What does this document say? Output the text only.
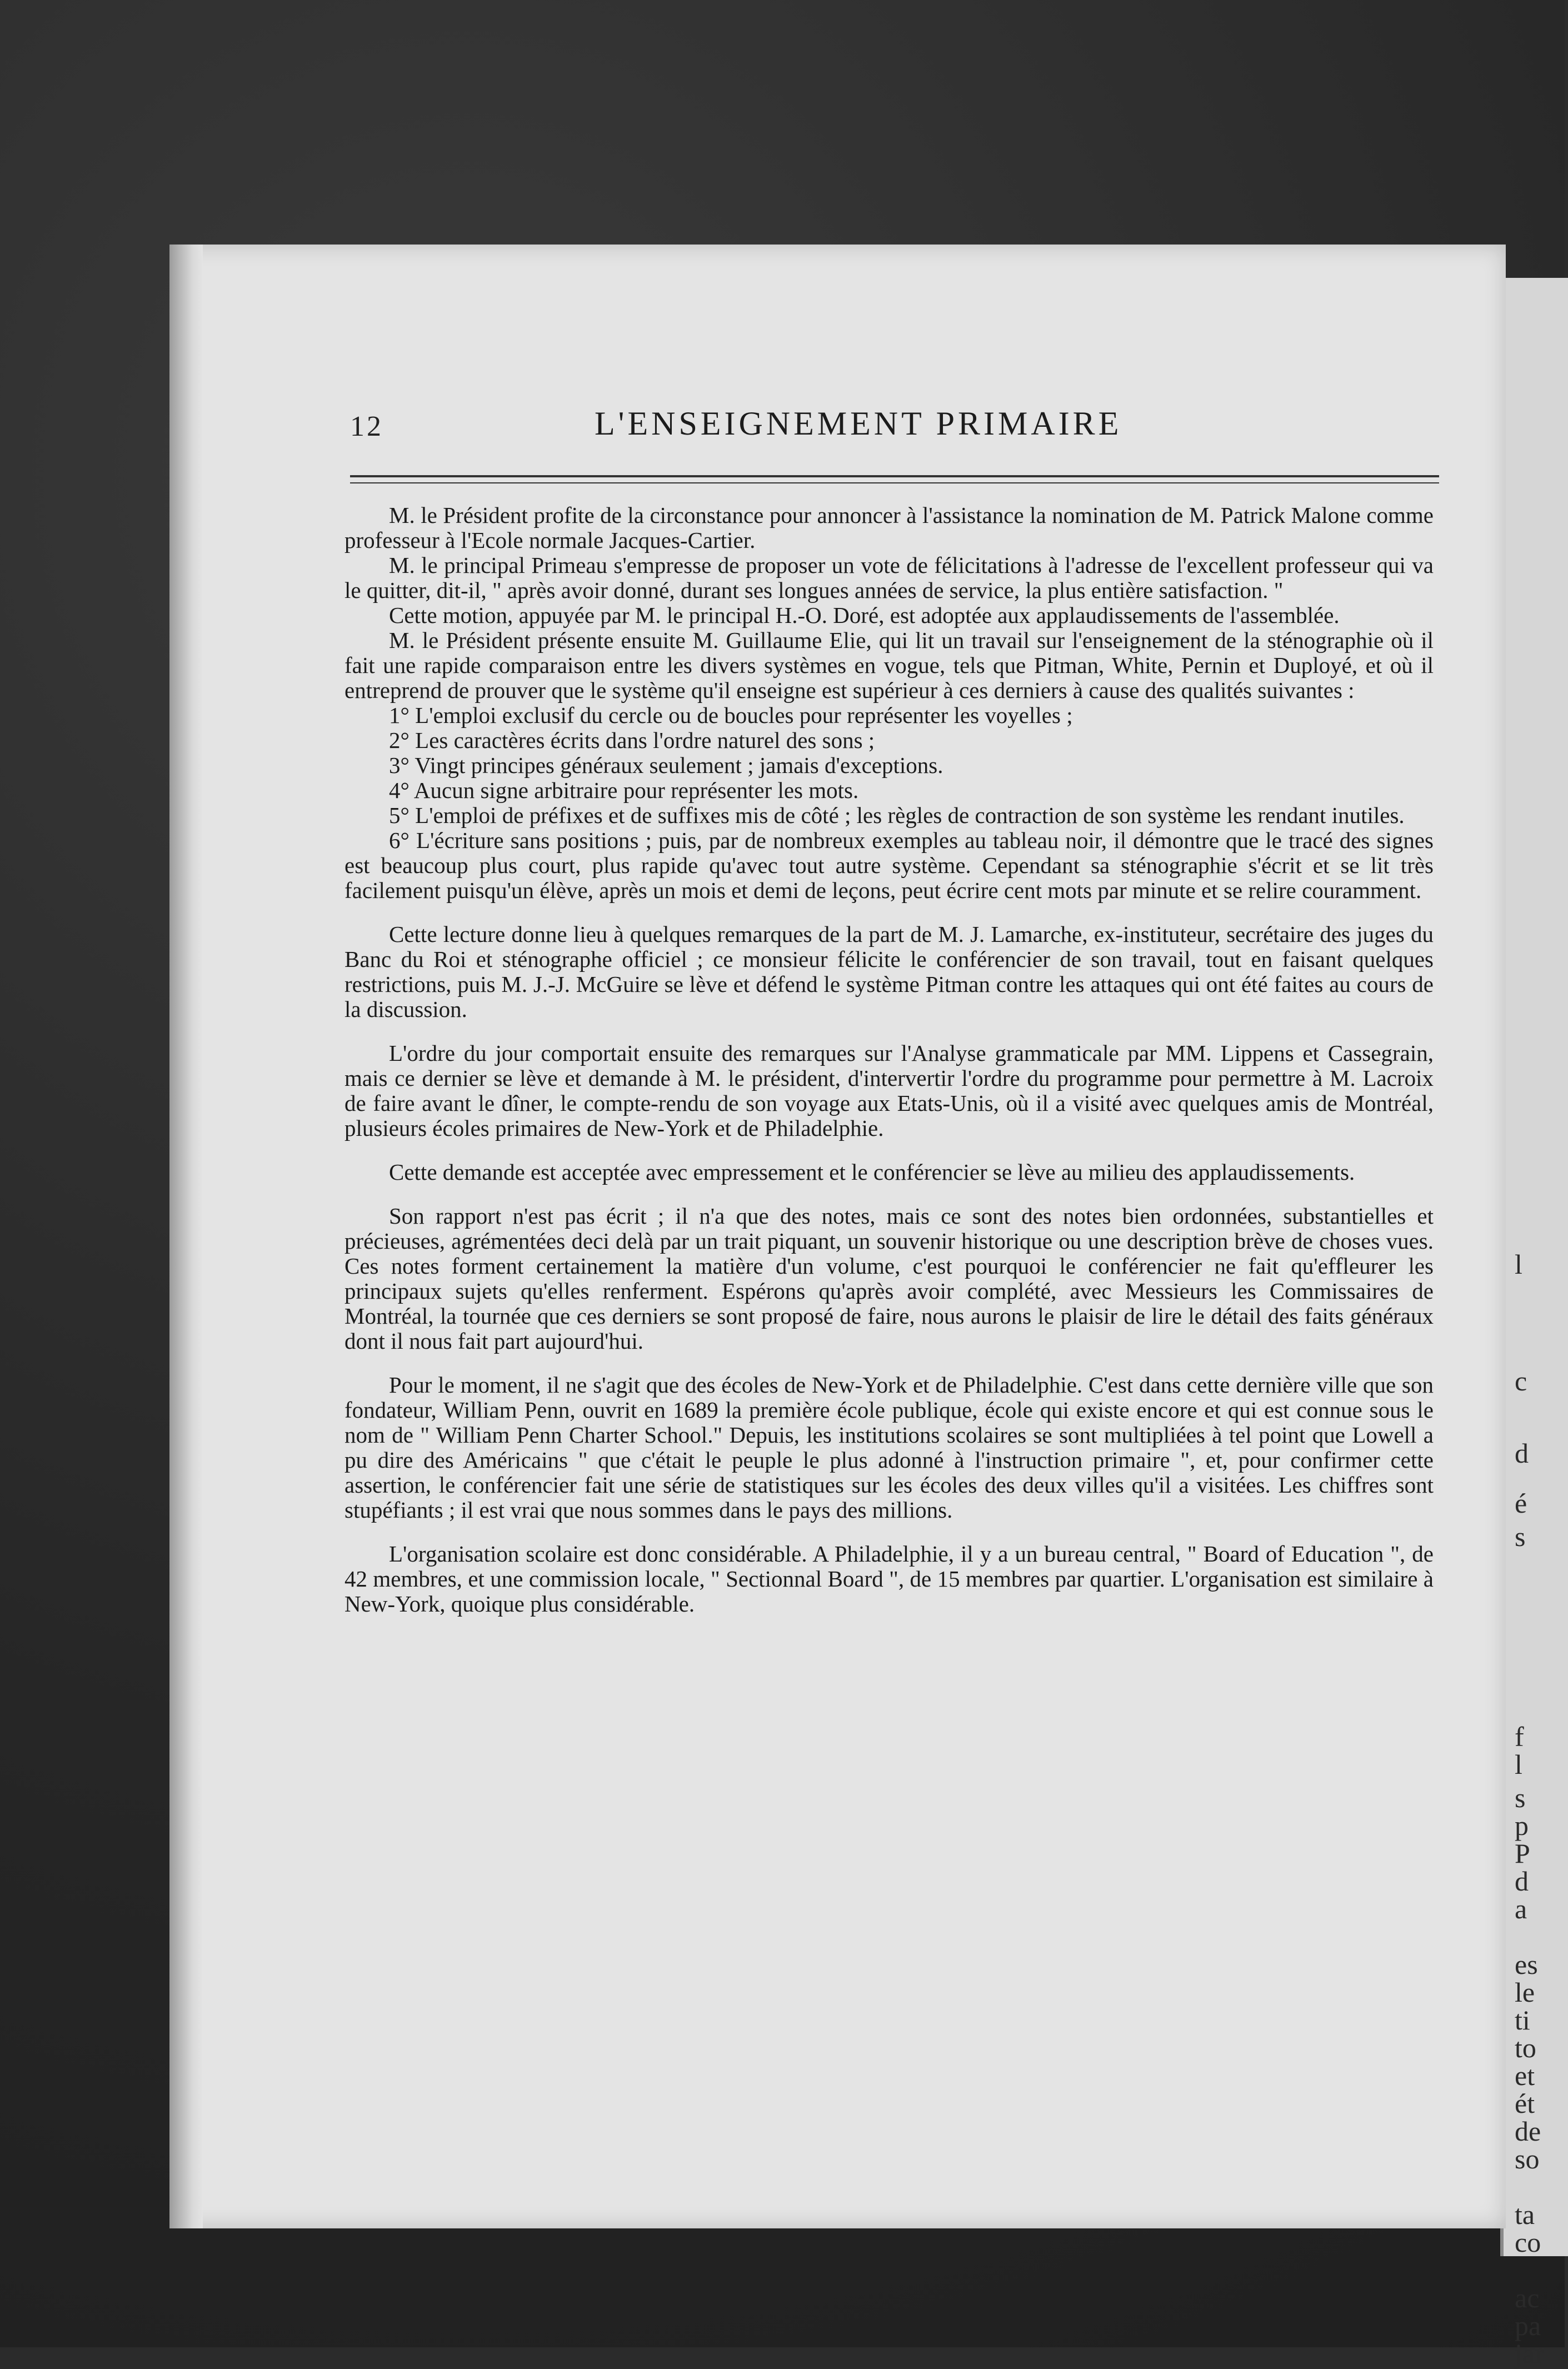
l
c
d
é
s
f
l
s
p
P
d
a
es
le
ti
to
et
ét
de
so
ta
co
ac
pa
jar
12	L'ENSEIGNEMENT PRIMAIRE

M. le Président profite de la circonstance pour annoncer à l'assistance la nomination de M. Patrick Malone comme professeur à l'Ecole normale Jacques-Cartier.

M. le principal Primeau s'empresse de proposer un vote de félicitations à l'adresse de l'excellent professeur qui va le quitter, dit-il, " après avoir donné, durant ses longues années de service, la plus entière satisfaction. "

Cette motion, appuyée par M. le principal H.-O. Doré, est adoptée aux applaudissements de l'assemblée.

M. le Président présente ensuite M. Guillaume Elie, qui lit un travail sur l'enseignement de la sténographie où il fait une rapide comparaison entre les divers systèmes en vogue, tels que Pitman, White, Pernin et Duployé, et où il entreprend de prouver que le système qu'il enseigne est supérieur à ces derniers à cause des qualités suivantes :

1° L'emploi exclusif du cercle ou de boucles pour représenter les voyelles ;

2° Les caractères écrits dans l'ordre naturel des sons ;

3° Vingt principes généraux seulement ; jamais d'exceptions.

4° Aucun signe arbitraire pour représenter les mots.

5° L'emploi de préfixes et de suffixes mis de côté ; les règles de contraction de son système les rendant inutiles.

6° L'écriture sans positions ; puis, par de nombreux exemples au tableau noir, il démontre que le tracé des signes est beaucoup plus court, plus rapide qu'avec tout autre système. Cependant sa sténographie s'écrit et se lit très facilement puisqu'un élève, après un mois et demi de leçons, peut écrire cent mots par minute et se relire couramment.

Cette lecture donne lieu à quelques remarques de la part de M. J. Lamarche, ex-instituteur, secrétaire des juges du Banc du Roi et sténographe officiel ; ce monsieur félicite le conférencier de son travail, tout en faisant quelques restrictions, puis M. J.-J. McGuire se lève et défend le système Pitman contre les attaques qui ont été faites au cours de la discussion.

L'ordre du jour comportait ensuite des remarques sur l'Analyse grammaticale par MM. Lippens et Cassegrain, mais ce dernier se lève et demande à M. le président, d'intervertir l'ordre du programme pour permettre à M. Lacroix de faire avant le dîner, le compte-rendu de son voyage aux Etats-Unis, où il a visité avec quelques amis de Montréal, plusieurs écoles primaires de New-York et de Philadelphie.

Cette demande est acceptée avec empressement et le conférencier se lève au milieu des applaudissements.

Son rapport n'est pas écrit ; il n'a que des notes, mais ce sont des notes bien ordonnées, substantielles et précieuses, agrémentées deci delà par un trait piquant, un souvenir historique ou une description brève de choses vues. Ces notes forment certainement la matière d'un volume, c'est pourquoi le conférencier ne fait qu'effleurer les principaux sujets qu'elles renferment. Espérons qu'après avoir complété, avec Messieurs les Commissaires de Montréal, la tournée que ces derniers se sont proposé de faire, nous aurons le plaisir de lire le détail des faits généraux dont il nous fait part aujourd'hui.

Pour le moment, il ne s'agit que des écoles de New-York et de Philadelphie. C'est dans cette dernière ville que son fondateur, William Penn, ouvrit en 1689 la première école publique, école qui existe encore et qui est connue sous le nom de " William Penn Charter School." Depuis, les institutions scolaires se sont multipliées à tel point que Lowell a pu dire des Américains " que c'était le peuple le plus adonné à l'instruction primaire ", et, pour confirmer cette assertion, le conférencier fait une série de statistiques sur les écoles des deux villes qu'il a visitées. Les chiffres sont stupéfiants ; il est vrai que nous sommes dans le pays des millions.

L'organisation scolaire est donc considérable. A Philadelphie, il y a un bureau central, " Board of Education ", de 42 membres, et une commission locale, " Sectionnal Board ", de 15 membres par quartier. L'organisation est similaire à New-York, quoique plus considérable.
